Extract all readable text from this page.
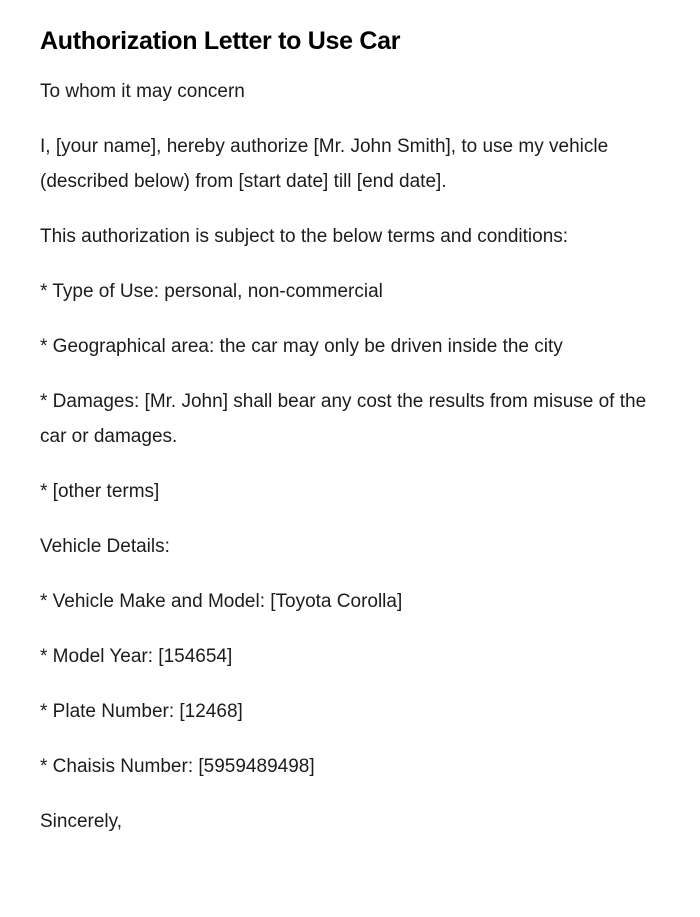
Authorization Letter to Use Car

To whom it may concern

I, [your name], hereby authorize [Mr. John Smith], to use my vehicle (described below) from [start date] till [end date].

This authorization is subject to the below terms and conditions:

* Type of Use: personal, non-commercial

* Geographical area: the car may only be driven inside the city

* Damages: [Mr. John] shall bear any cost the results from misuse of the car or damages.

* [other terms]

Vehicle Details:

* Vehicle Make and Model: [Toyota Corolla]

* Model Year: [154654]

* Plate Number: [12468]

* Chaisis Number: [5959489498]

Sincerely,
